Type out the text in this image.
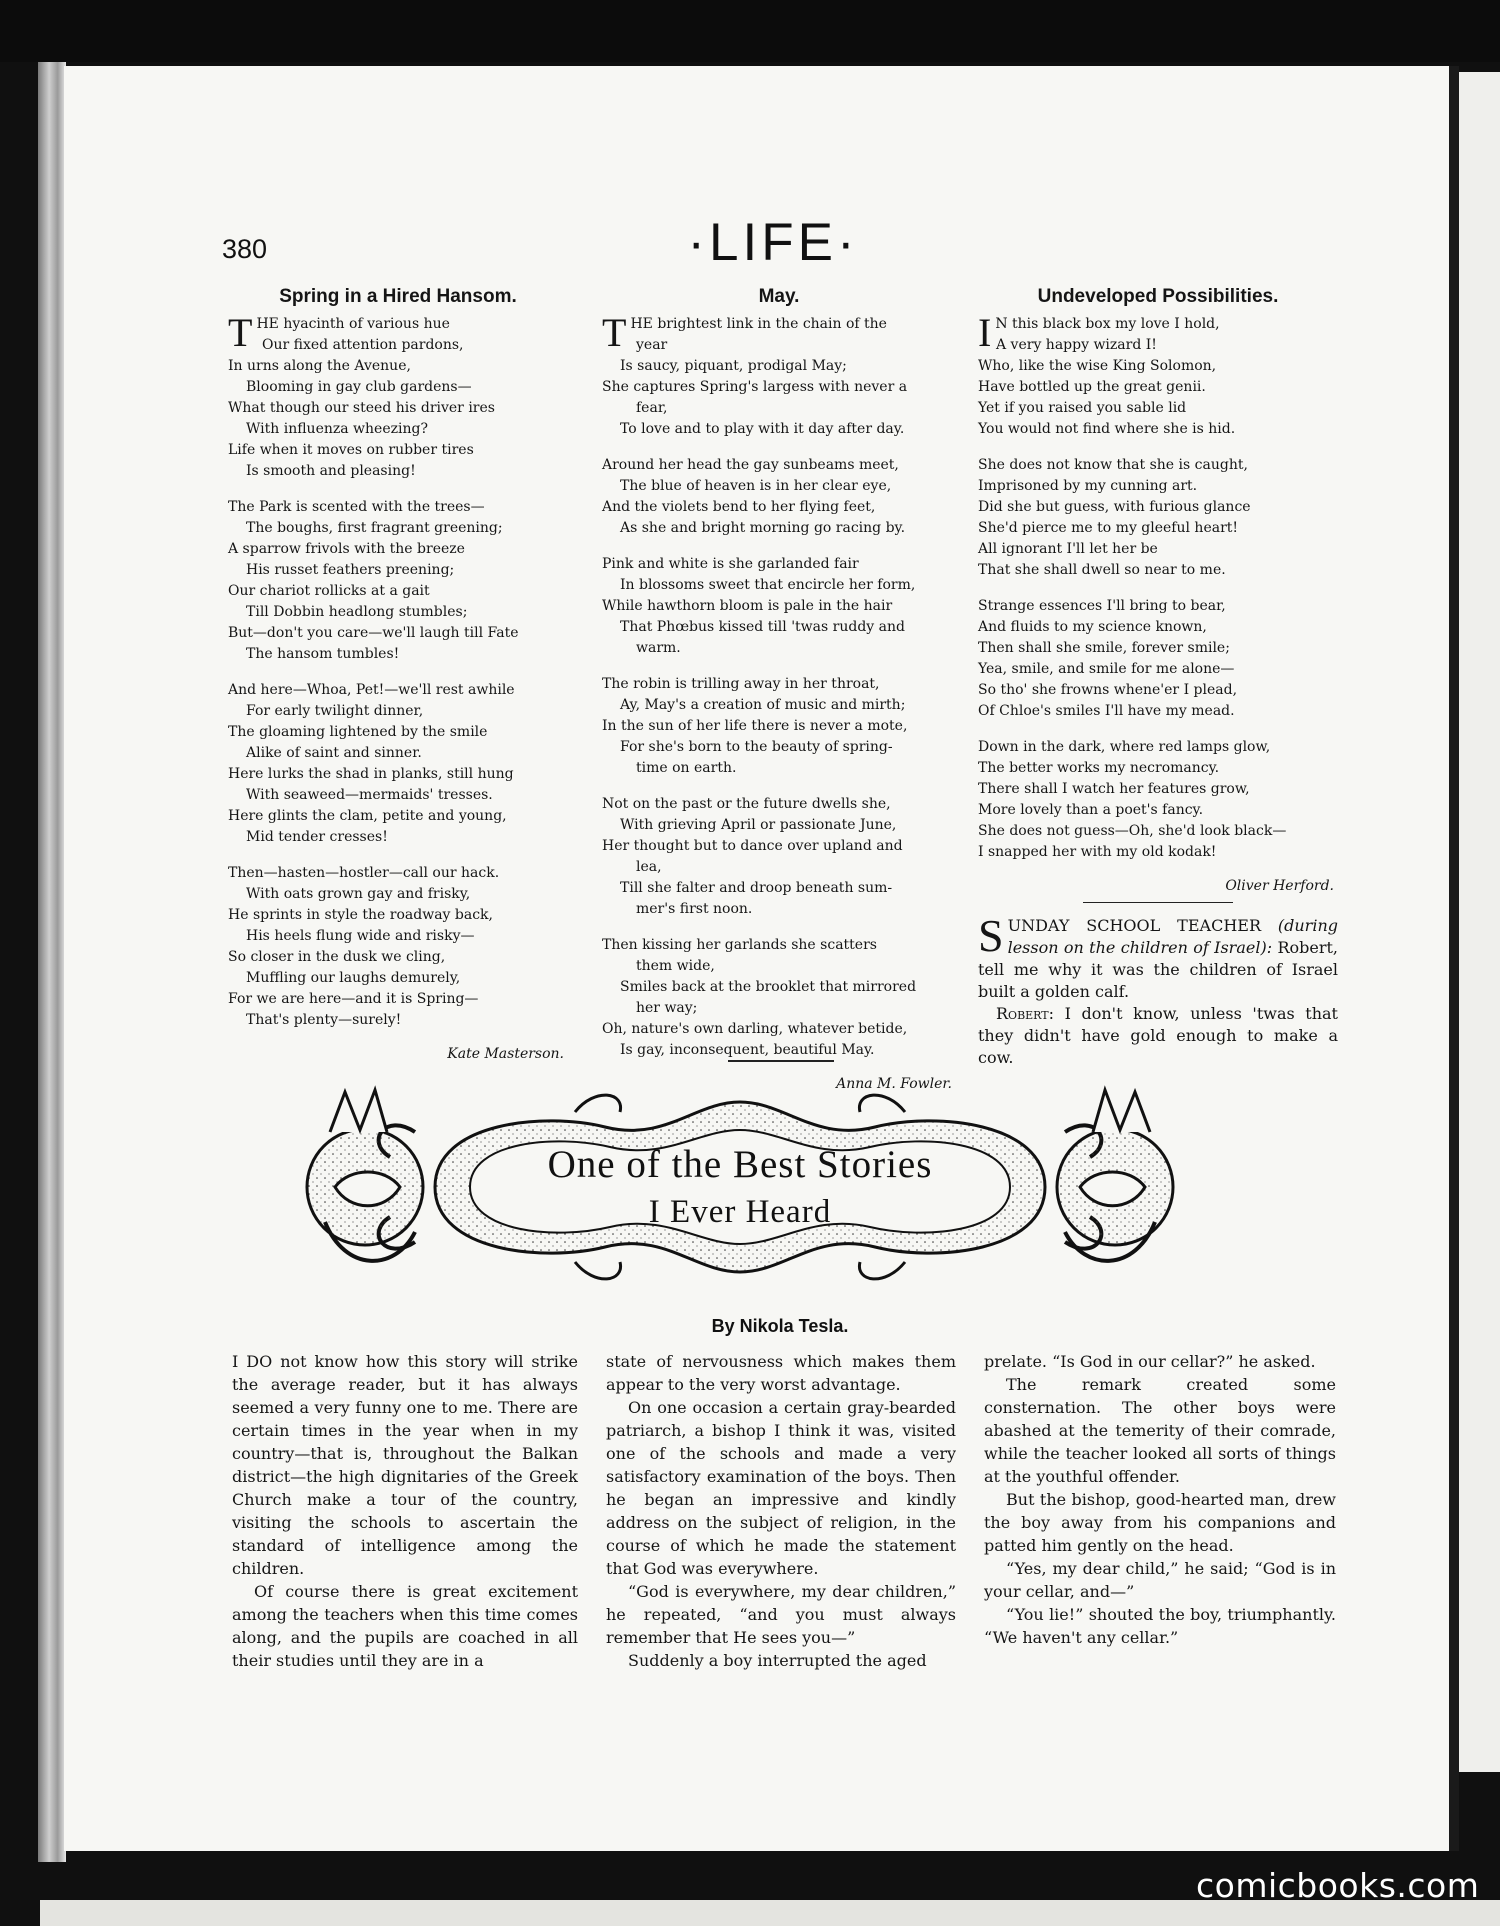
380	·LIFE·
Spring in a Hired Hansom.
T HE hyacinth of various hue
Our fixed attention pardons,
In urns along the Avenue,
Blooming in gay club gardens—
What though our steed his driver ires
With influenza wheezing?
Life when it moves on rubber tires
Is smooth and pleasing!
The Park is scented with the trees—
The boughs, first fragrant greening;
A sparrow frivols with the breeze
His russet feathers preening;
Our chariot rollicks at a gait
Till Dobbin headlong stumbles;
But—don't you care—we'll laugh till Fate
The hansom tumbles!
And here—Whoa, Pet!—we'll rest awhile
For early twilight dinner,
The gloaming lightened by the smile
Alike of saint and sinner.
Here lurks the shad in planks, still hung
With seaweed—mermaids' tresses.
Here glints the clam, petite and young,
Mid tender cresses!
Then—hasten—hostler—call our hack.
With oats grown gay and frisky,
He sprints in style the roadway back,
His heels flung wide and risky—
So closer in the dusk we cling,
Muffling our laughs demurely,
For we are here—and it is Spring—
That's plenty—surely!
Kate Masterson.
May.
T HE brightest link in the chain of the
year
Is saucy, piquant, prodigal May;
She captures Spring's largess with never a
fear,
To love and to play with it day after day.
Around her head the gay sunbeams meet,
The blue of heaven is in her clear eye,
And the violets bend to her flying feet,
As she and bright morning go racing by.
Pink and white is she garlanded fair
In blossoms sweet that encircle her form,
While hawthorn bloom is pale in the hair
That Phœbus kissed till 'twas ruddy and
warm.
The robin is trilling away in her throat,
Ay, May's a creation of music and mirth;
In the sun of her life there is never a mote,
For she's born to the beauty of spring-
time on earth.
Not on the past or the future dwells she,
With grieving April or passionate June,
Her thought but to dance over upland and
lea,
Till she falter and droop beneath sum-
mer's first noon.
Then kissing her garlands she scatters
them wide,
Smiles back at the brooklet that mirrored
her way;
Oh, nature's own darling, whatever betide,
Is gay, inconsequent, beautiful May.
Anna M. Fowler.
Undeveloped Possibilities.
I N this black box my love I hold,
A very happy wizard I!
Who, like the wise King Solomon,
Have bottled up the great genii.
Yet if you raised you sable lid
You would not find where she is hid.
She does not know that she is caught,
Imprisoned by my cunning art.
Did she but guess, with furious glance
She'd pierce me to my gleeful heart!
All ignorant I'll let her be
That she shall dwell so near to me.
Strange essences I'll bring to bear,
And fluids to my science known,
Then shall she smile, forever smile;
Yea, smile, and smile for me alone—
So tho' she frowns whene'er I plead,
Of Chloe's smiles I'll have my mead.
Down in the dark, where red lamps glow,
The better works my necromancy.
There shall I watch her features grow,
More lovely than a poet's fancy.
She does not guess—Oh, she'd look black—
I snapped her with my old kodak!
Oliver Herford.
SUNDAY SCHOOL TEACHER (during lesson on the children of Israel): Robert, tell me why it was the children of Israel built a golden calf.
Robert: I don't know, unless 'twas that they didn't have gold enough to make a cow.
One of the Best Stories
I Ever Heard
By Nikola Tesla.

I DO not know how this story will strike the average reader, but it has always seemed a very funny one to me. There are certain times in the year when in my country—that is, throughout the Balkan district—the high dignitaries of the Greek Church make a tour of the country, visiting the schools to ascertain the standard of intelligence among the children.

Of course there is great excitement among the teachers when this time comes along, and the pupils are coached in all their studies until they are in a

state of nervousness which makes them appear to the very worst advantage.

On one occasion a certain gray-bearded patriarch, a bishop I think it was, visited one of the schools and made a very satisfactory examination of the boys. Then he began an impressive and kindly address on the subject of religion, in the course of which he made the statement that God was everywhere.

“God is everywhere, my dear children,” he repeated, “and you must always remember that He sees you—”

Suddenly a boy interrupted the aged

prelate. “Is God in our cellar?” he asked.

The remark created some consternation. The other boys were abashed at the temerity of their comrade, while the teacher looked all sorts of things at the youthful offender.

But the bishop, good-hearted man, drew the boy away from his companions and patted him gently on the head.

“Yes, my dear child,” he said; “God is in your cellar, and—”

“You lie!” shouted the boy, triumphantly. “We haven't any cellar.”

comicbooks.com
